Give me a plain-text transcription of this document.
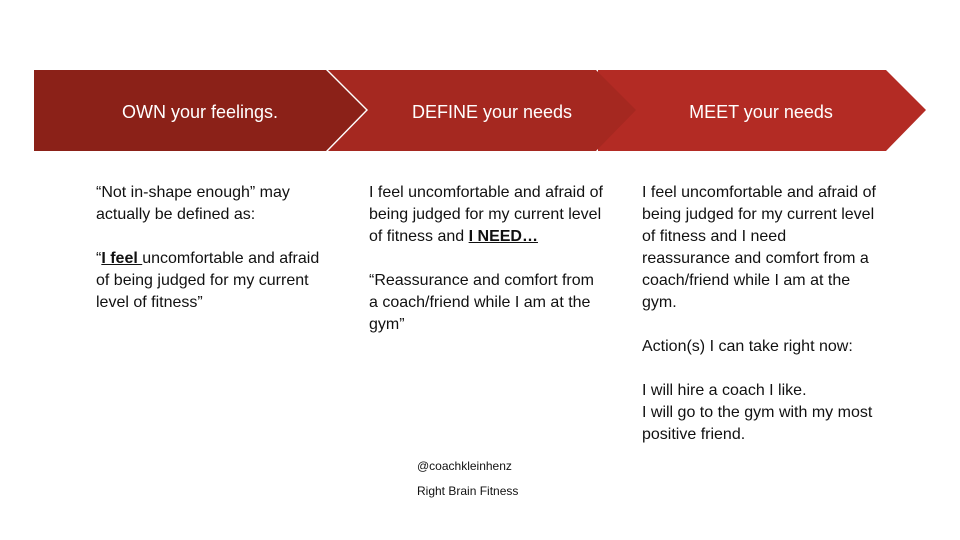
OWN your feelings.	DEFINE your needs	MEET your needs

“Not in-shape enough” may actually be defined as:

“I feel uncomfortable and afraid of being judged for my current level of fitness”

I feel uncomfortable and afraid of being judged for my current level of fitness and I NEED…

“Reassurance and comfort from a coach/friend while I am at the gym”

I feel uncomfortable and afraid of being judged for my current level of fitness and I need reassurance and comfort from a coach/friend while I am at the gym.

Action(s) I can take right now:

I will hire a coach I like.
I will go to the gym with my most positive friend.

@coachkleinhenz
Right Brain Fitness
